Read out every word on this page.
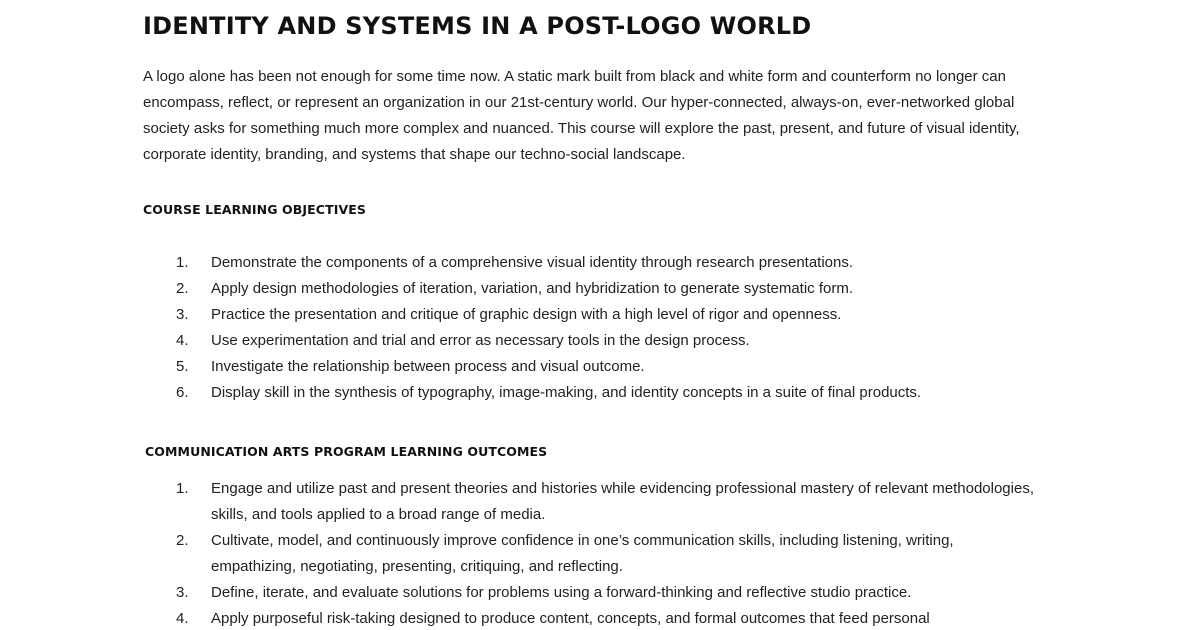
IDENTITY AND SYSTEMS IN A POST-LOGO WORLD

A logo alone has been not enough for some time now. A static mark built from black and white form and counterform no longer can encompass, reflect, or represent an organization in our 21st-century world. Our hyper-connected, always-on, ever-networked global society asks for something much more complex and nuanced. This course will explore the past, present, and future of visual identity, corporate identity, branding, and systems that shape our techno-social landscape.

COURSE LEARNING OBJECTIVES
1. Demonstrate the components of a comprehensive visual identity through research presentations.
2. Apply design methodologies of iteration, variation, and hybridization to generate systematic form.
3. Practice the presentation and critique of graphic design with a high level of rigor and openness.
4. Use experimentation and trial and error as necessary tools in the design process.
5. Investigate the relationship between process and visual outcome.
6. Display skill in the synthesis of typography, image-making, and identity concepts in a suite of final products.
COMMUNICATION ARTS PROGRAM LEARNING OUTCOMES
1. Engage and utilize past and present theories and histories while evidencing professional mastery of relevant methodologies, skills, and tools applied to a broad range of media.
2. Cultivate, model, and continuously improve confidence in one’s communication skills, including listening, writing, empathizing, negotiating, presenting, critiquing, and reflecting.
3. Define, iterate, and evaluate solutions for problems using a forward-thinking and reflective studio practice.
4. Apply purposeful risk-taking designed to produce content, concepts, and formal outcomes that feed personal
